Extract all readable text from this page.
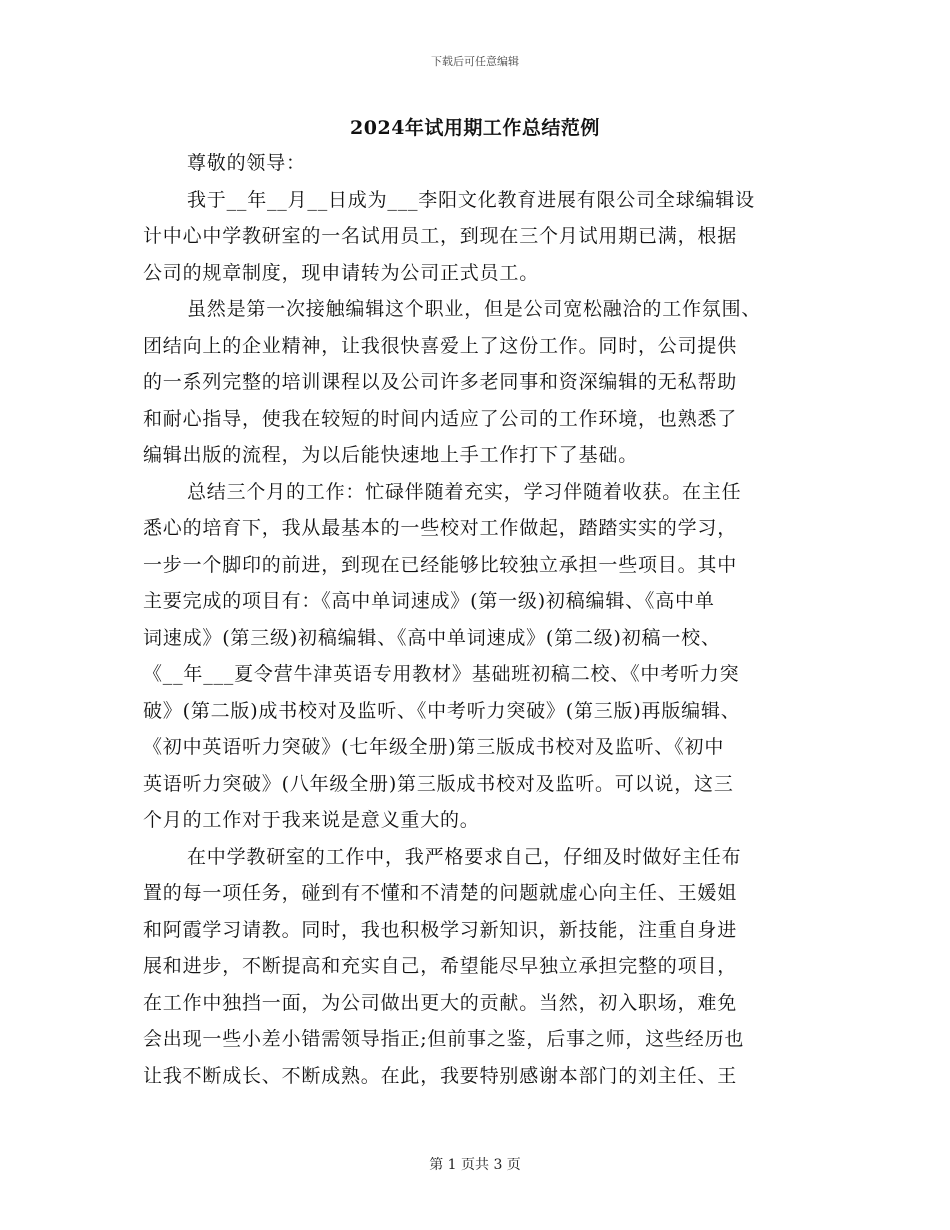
下载后可任意编辑
2024年试用期工作总结范例
尊敬的领导：
我于__年__月__日成为___李阳文化教育进展有限公司全球编辑设
计中心中学教研室的一名试用员工，到现在三个月试用期已满，根据
公司的规章制度，现申请转为公司正式员工。
虽然是第一次接触编辑这个职业，但是公司宽松融洽的工作氛围、
团结向上的企业精神，让我很快喜爱上了这份工作。同时，公司提供
的一系列完整的培训课程以及公司许多老同事和资深编辑的无私帮助
和耐心指导，使我在较短的时间内适应了公司的工作环境，也熟悉了
编辑出版的流程，为以后能快速地上手工作打下了基础。
总结三个月的工作：忙碌伴随着充实，学习伴随着收获。在主任
悉心的培育下，我从最基本的一些校对工作做起，踏踏实实的学习，
一步一个脚印的前进，到现在已经能够比较独立承担一些项目。其中
主要完成的项目有：《高中单词速成》(第一级)初稿编辑、《高中单
词速成》(第三级)初稿编辑、《高中单词速成》(第二级)初稿一校、
《__年___夏令营牛津英语专用教材》基础班初稿二校、《中考听力突
破》(第二版)成书校对及监听、《中考听力突破》(第三版)再版编辑、
《初中英语听力突破》(七年级全册)第三版成书校对及监听、《初中
英语听力突破》(八年级全册)第三版成书校对及监听。可以说，这三
个月的工作对于我来说是意义重大的。
在中学教研室的工作中，我严格要求自己，仔细及时做好主任布
置的每一项任务，碰到有不懂和不清楚的问题就虚心向主任、王媛姐
和阿霞学习请教。同时，我也积极学习新知识，新技能，注重自身进
展和进步，不断提高和充实自己，希望能尽早独立承担完整的项目，
在工作中独挡一面，为公司做出更大的贡献。当然，初入职场，难免
会出现一些小差小错需领导指正;但前事之鉴，后事之师，这些经历也
让我不断成长、不断成熟。在此，我要特别感谢本部门的刘主任、王
第 1 页共 3 页
